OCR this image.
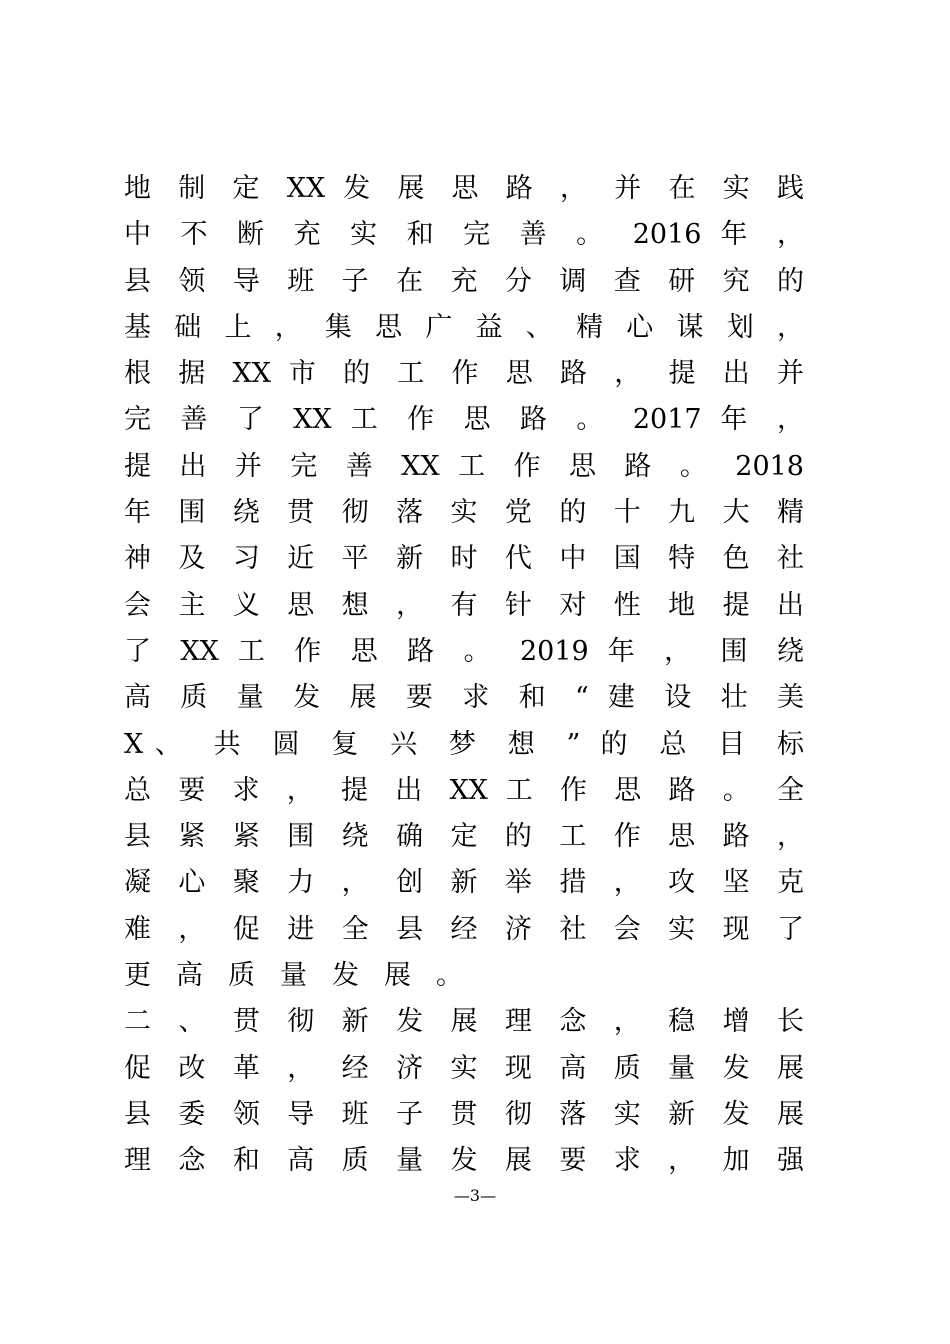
地 制 定 XX 发 展 思 路 ， 并 在 实 践
中 不 断 充 实 和 完 善 。 2016 年 ，
县 领 导 班 子 在 充 分 调 查 研 究 的
基 础 上 ， 集 思 广 益 、 精 心 谋 划 ，
根 据 XX 市 的 工 作 思 路 ， 提 出 并
完 善 了 XX 工 作 思 路 。 2017 年 ，
提 出 并 完 善 XX 工 作 思 路 。 2018
年 围 绕 贯 彻 落 实 党 的 十 九 大 精
神 及 习 近 平 新 时 代 中 国 特 色 社
会 主 义 思 想 ， 有 针 对 性 地 提 出
了 XX 工 作 思 路 。 2019 年 ， 围 绕
高 质 量 发 展 要 求 和 “ 建 设 壮 美
X、 共 圆 复 兴 梦 想 ” 的 总 目 标
总 要 求 ， 提 出 XX 工 作 思 路 。 全
县 紧 紧 围 绕 确 定 的 工 作 思 路 ，
凝 心 聚 力 ， 创 新 举 措 ， 攻 坚 克
难 ， 促 进 全 县 经 济 社 会 实 现 了
更高质量发展。
二 、 贯 彻 新 发 展 理 念 ， 稳 增 长
促 改 革 ， 经 济 实 现 高 质 量 发 展
县 委 领 导 班 子 贯 彻 落 实 新 发 展
理 念 和 高 质 量 发 展 要 求 ， 加 强
—3—
